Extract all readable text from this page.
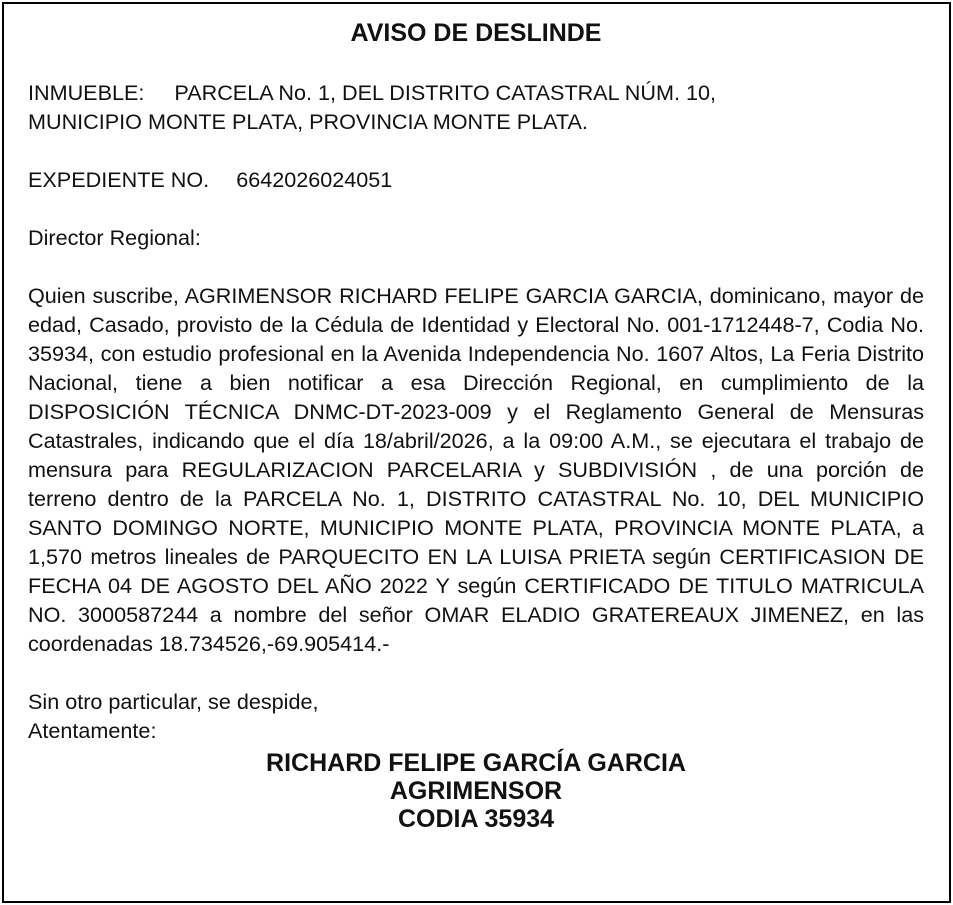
AVISO DE DESLINDE
INMUEBLE: PARCELA No. 1, DEL DISTRITO CATASTRAL NÚM. 10,
MUNICIPIO MONTE PLATA, PROVINCIA MONTE PLATA.
EXPEDIENTE NO. 6642026024051
Director Regional:

Quien suscribe, AGRIMENSOR RICHARD FELIPE GARCIA GARCIA, dominicano, mayor de edad, Casado, provisto de la Cédula de Identidad y Electoral No. 001-1712448-7, Codia No. 35934, con estudio profesional en la Avenida Independencia No. 1607 Altos, La Feria Distrito Nacional, tiene a bien notificar a esa Dirección Regional, en cumplimiento de la DISPOSICIÓN TÉCNICA DNMC-DT-2023-009 y el Reglamento General de Mensuras Catastrales, indicando que el día 18/abril/2026, a la 09:00 A.M., se ejecutara el trabajo de mensura para REGULARIZACION PARCELARIA y SUBDIVISIÓN , de una porción de terreno dentro de la PARCELA No. 1, DISTRITO CATASTRAL No. 10, DEL MUNICIPIO SANTO DOMINGO NORTE, MUNICIPIO MONTE PLATA, PROVINCIA MONTE PLATA, a 1,570 metros lineales de PARQUECITO EN LA LUISA PRIETA según CERTIFICASION DE FECHA 04 DE AGOSTO DEL AÑO 2022 Y según CERTIFICADO DE TITULO MATRICULA NO. 3000587244 a nombre del señor OMAR ELADIO GRATEREAUX JIMENEZ, en las coordenadas 18.734526,-69.905414.-

Sin otro particular, se despide,
Atentamente:
RICHARD FELIPE GARCÍA GARCIA
AGRIMENSOR
CODIA 35934
